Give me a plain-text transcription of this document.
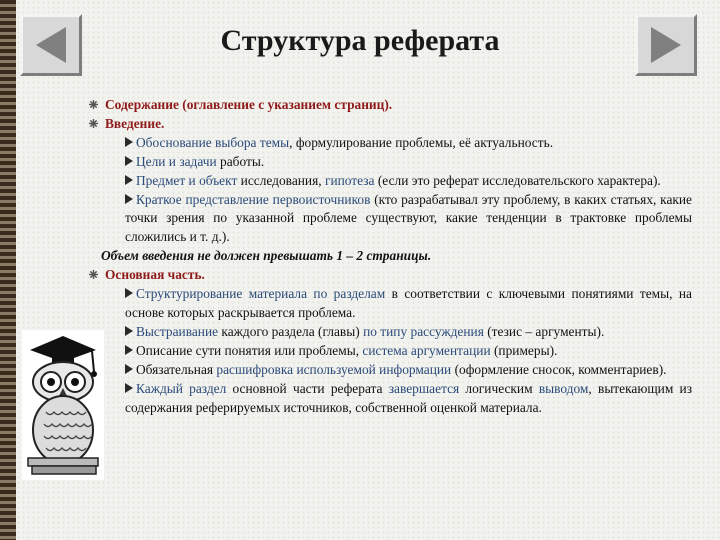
Структура реферата
Содержание (оглавление с указанием страниц).
Введение.
Обоснование выбора темы, формулирование проблемы, её актуальность.
Цели и задачи работы.
Предмет и объект исследования, гипотеза (если это реферат исследовательского характера).
Краткое представление первоисточников (кто разрабатывал эту проблему, в каких статьях, какие точки зрения по указанной проблеме существуют, какие тенденции в трактовке проблемы сложились и т. д.).
Объем введения не должен превышать 1 – 2 страницы.
Основная часть.
Структурирование материала по разделам в соответствии с ключевыми понятиями темы, на основе которых раскрывается проблема.
Выстраивание каждого раздела (главы) по типу рассуждения (тезис – аргументы).
Описание сути понятия или проблемы, система аргументации (примеры).
Обязательная расшифровка используемой информации (оформление сносок, комментариев).
Каждый раздел основной части реферата завершается логическим выводом, вытекающим из содержания реферируемых источников, собственной оценкой материала.
